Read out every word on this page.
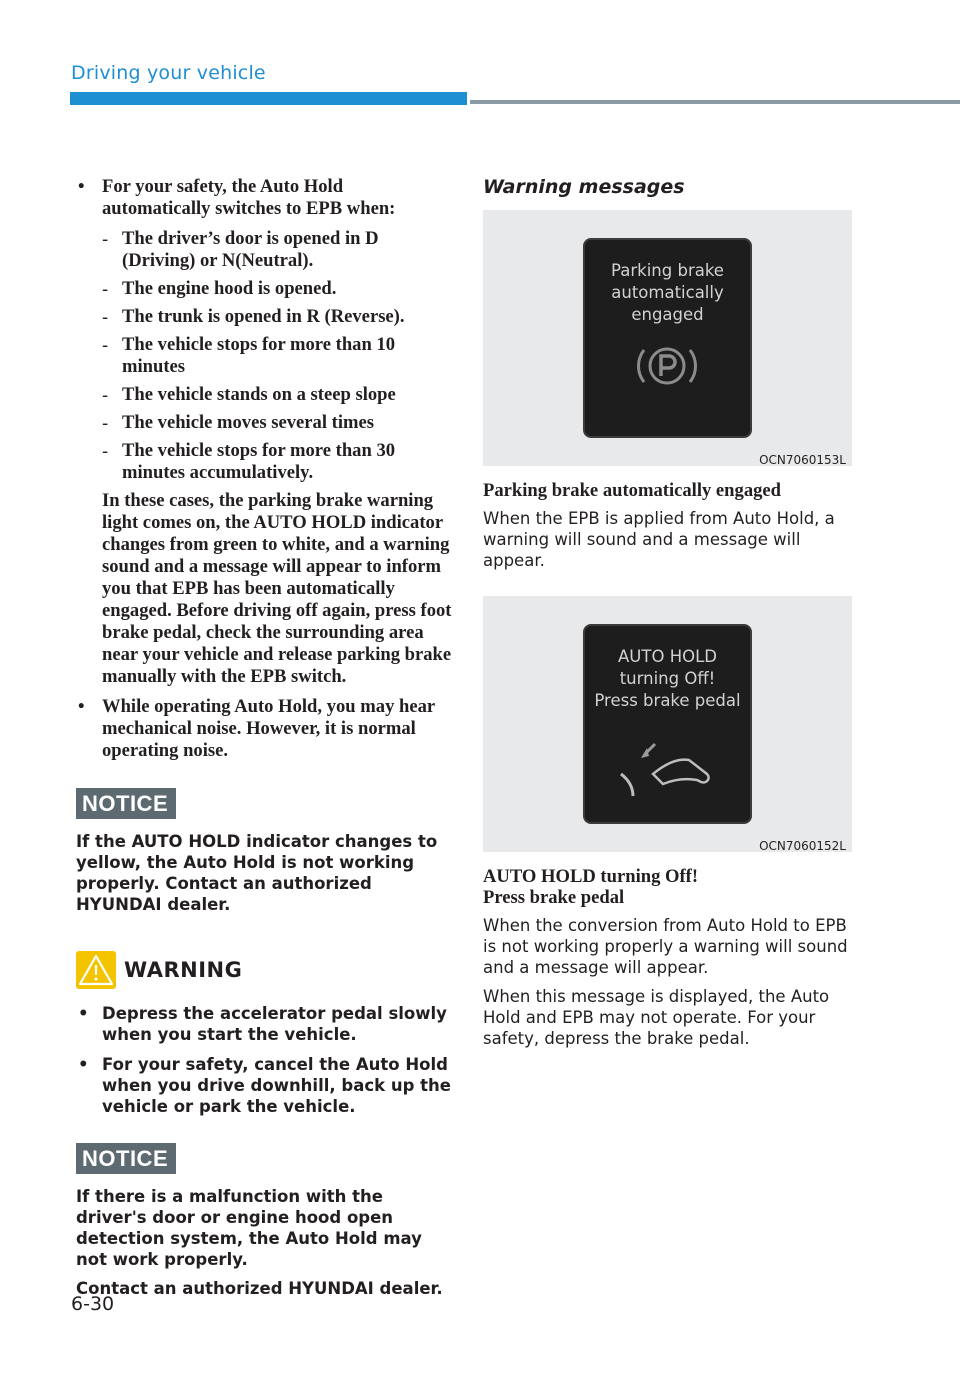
Driving your vehicle
• For your safety, the Auto Hold automatically switches to EPB when:
- The driver’s door is opened in D (Driving) or N(Neutral).
- The engine hood is opened.
- The trunk is opened in R (Reverse).
- The vehicle stops for more than 10 minutes
- The vehicle stands on a steep slope
- The vehicle moves several times
- The vehicle stops for more than 30 minutes accumulatively.
In these cases, the parking brake warning light comes on, the AUTO HOLD indicator changes from green to white, and a warning sound and a message will appear to inform you that EPB has been automatically engaged. Before driving off again, press foot brake pedal, check the surrounding area near your vehicle and release parking brake manually with the EPB switch.
• While operating Auto Hold, you may hear mechanical noise. However, it is normal operating noise.
NOTICE
If the AUTO HOLD indicator changes to yellow, the Auto Hold is not working properly. Contact an authorized HYUNDAI dealer.
WARNING
• Depress the accelerator pedal slowly when you start the vehicle.
• For your safety, cancel the Auto Hold when you drive downhill, back up the vehicle or park the vehicle.
NOTICE
If there is a malfunction with the driver's door or engine hood open detection system, the Auto Hold may not work properly.
Contact an authorized HYUNDAI dealer.
Warning messages
Parking brake
automatically
engaged
OCN7060153L
Parking brake automatically engaged
When the EPB is applied from Auto Hold, a warning will sound and a message will appear.
AUTO HOLD
turning Off!
Press brake pedal
OCN7060152L
AUTO HOLD turning Off!
Press brake pedal
When the conversion from Auto Hold to EPB is not working properly a warning will sound and a message will appear.
When this message is displayed, the Auto Hold and EPB may not operate. For your safety, depress the brake pedal.
6-30
